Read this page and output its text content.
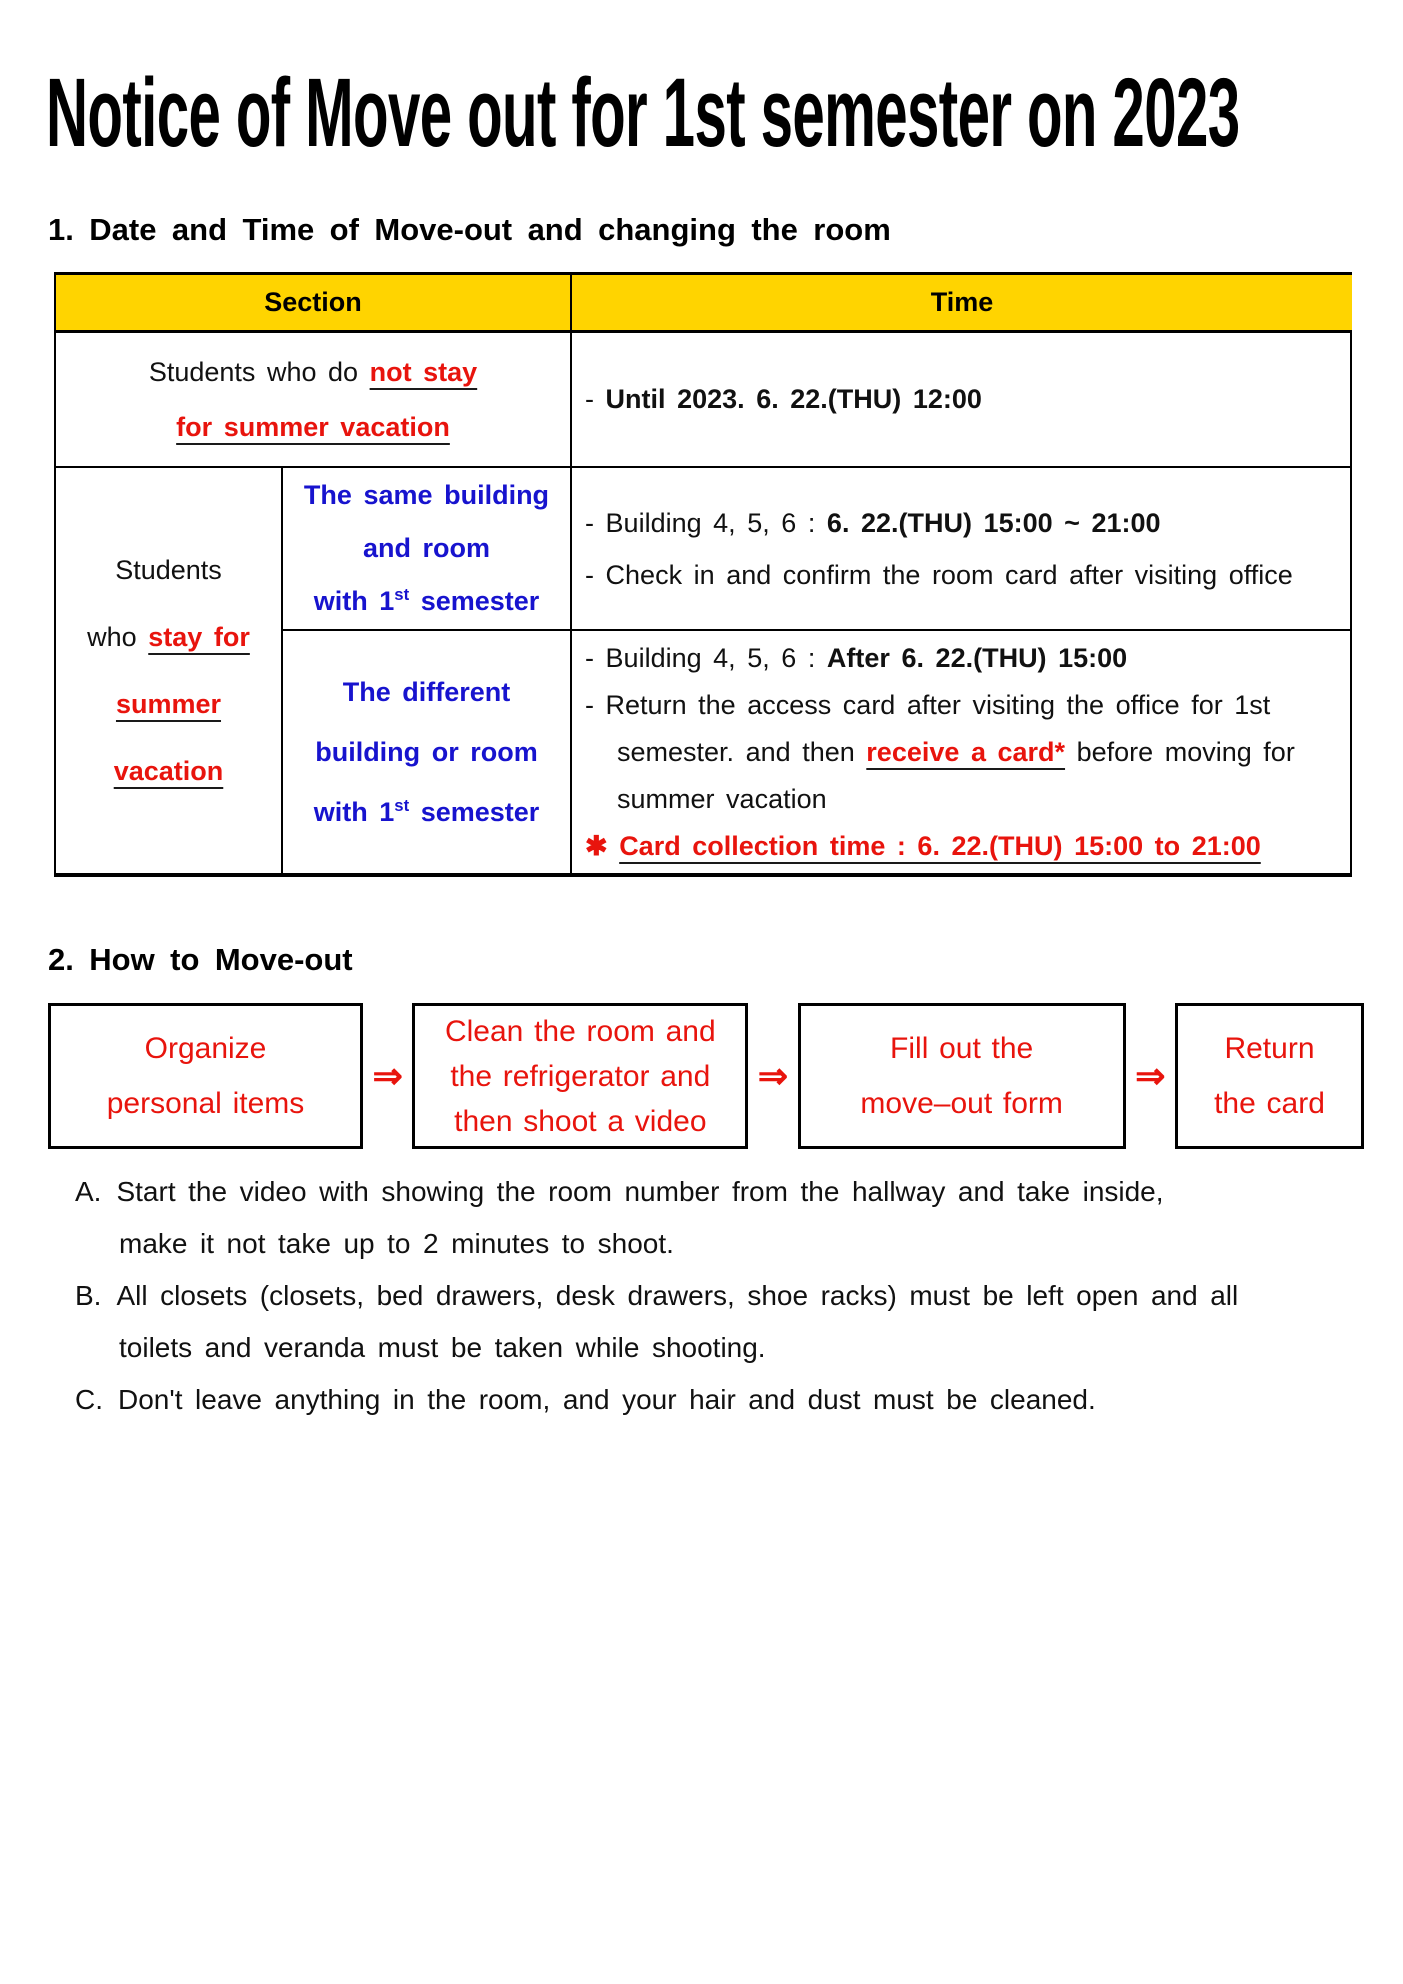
Notice of Move out for 1st semester on 2023
1. Date and Time of Move-out and changing the room
Section	Time
Students who do not stay
for summer vacation
- Until 2023. 6. 22.(THU) 12:00
Students
who stay for
summer vacation
The same building
and room
with 1st semester
- Building 4, 5, 6 : 6. 22.(THU) 15:00 ~ 21:00
- Check in and confirm the room card after visiting office
The different
building or room
with 1st semester
- Building 4, 5, 6 : After 6. 22.(THU) 15:00
- Return the access card after visiting the office for 1st
semester. and then receive a card* before moving for
summer vacation
✱ Card collection time : 6. 22.(THU) 15:00 to 21:00
2. How to Move-out
Organize
personal items
⇒
Clean the room and
the refrigerator and
then shoot a video
⇒
Fill out the
move–out form
⇒
Return
the card
A. Start the video with showing the room number from the hallway and take inside,
make it not take up to 2 minutes to shoot.
B. All closets (closets, bed drawers, desk drawers, shoe racks) must be left open and all
toilets and veranda must be taken while shooting.
C. Don't leave anything in the room, and your hair and dust must be cleaned.
